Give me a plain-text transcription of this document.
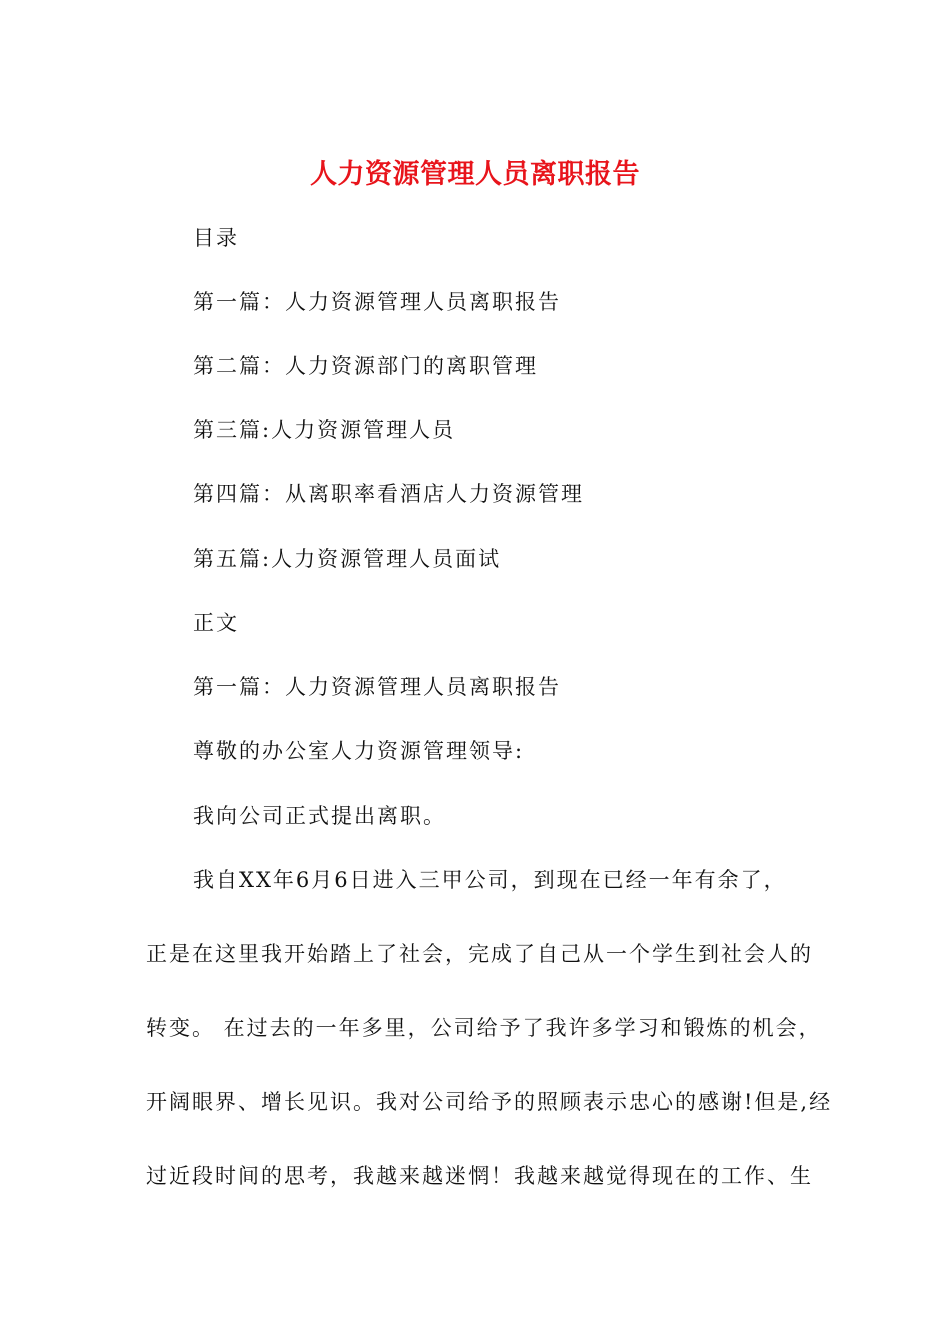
人力资源管理人员离职报告
目录
第一篇：人力资源管理人员离职报告
第二篇：人力资源部门的离职管理
第三篇:人力资源管理人员
第四篇：从离职率看酒店人力资源管理
第五篇:人力资源管理人员面试
正文
第一篇：人力资源管理人员离职报告
尊敬的办公室人力资源管理领导:
我向公司正式提出离职。
我自XX年6月6日进入三甲公司，到现在已经一年有余了，
正是在这里我开始踏上了社会，完成了自己从一个学生到社会人的
转变。 在过去的一年多里，公司给予了我许多学习和锻炼的机会，
开阔眼界、增长见识。我对公司给予的照顾表示忠心的感谢!但是,经
过近段时间的思考，我越来越迷惘！我越来越觉得现在的工作、生
